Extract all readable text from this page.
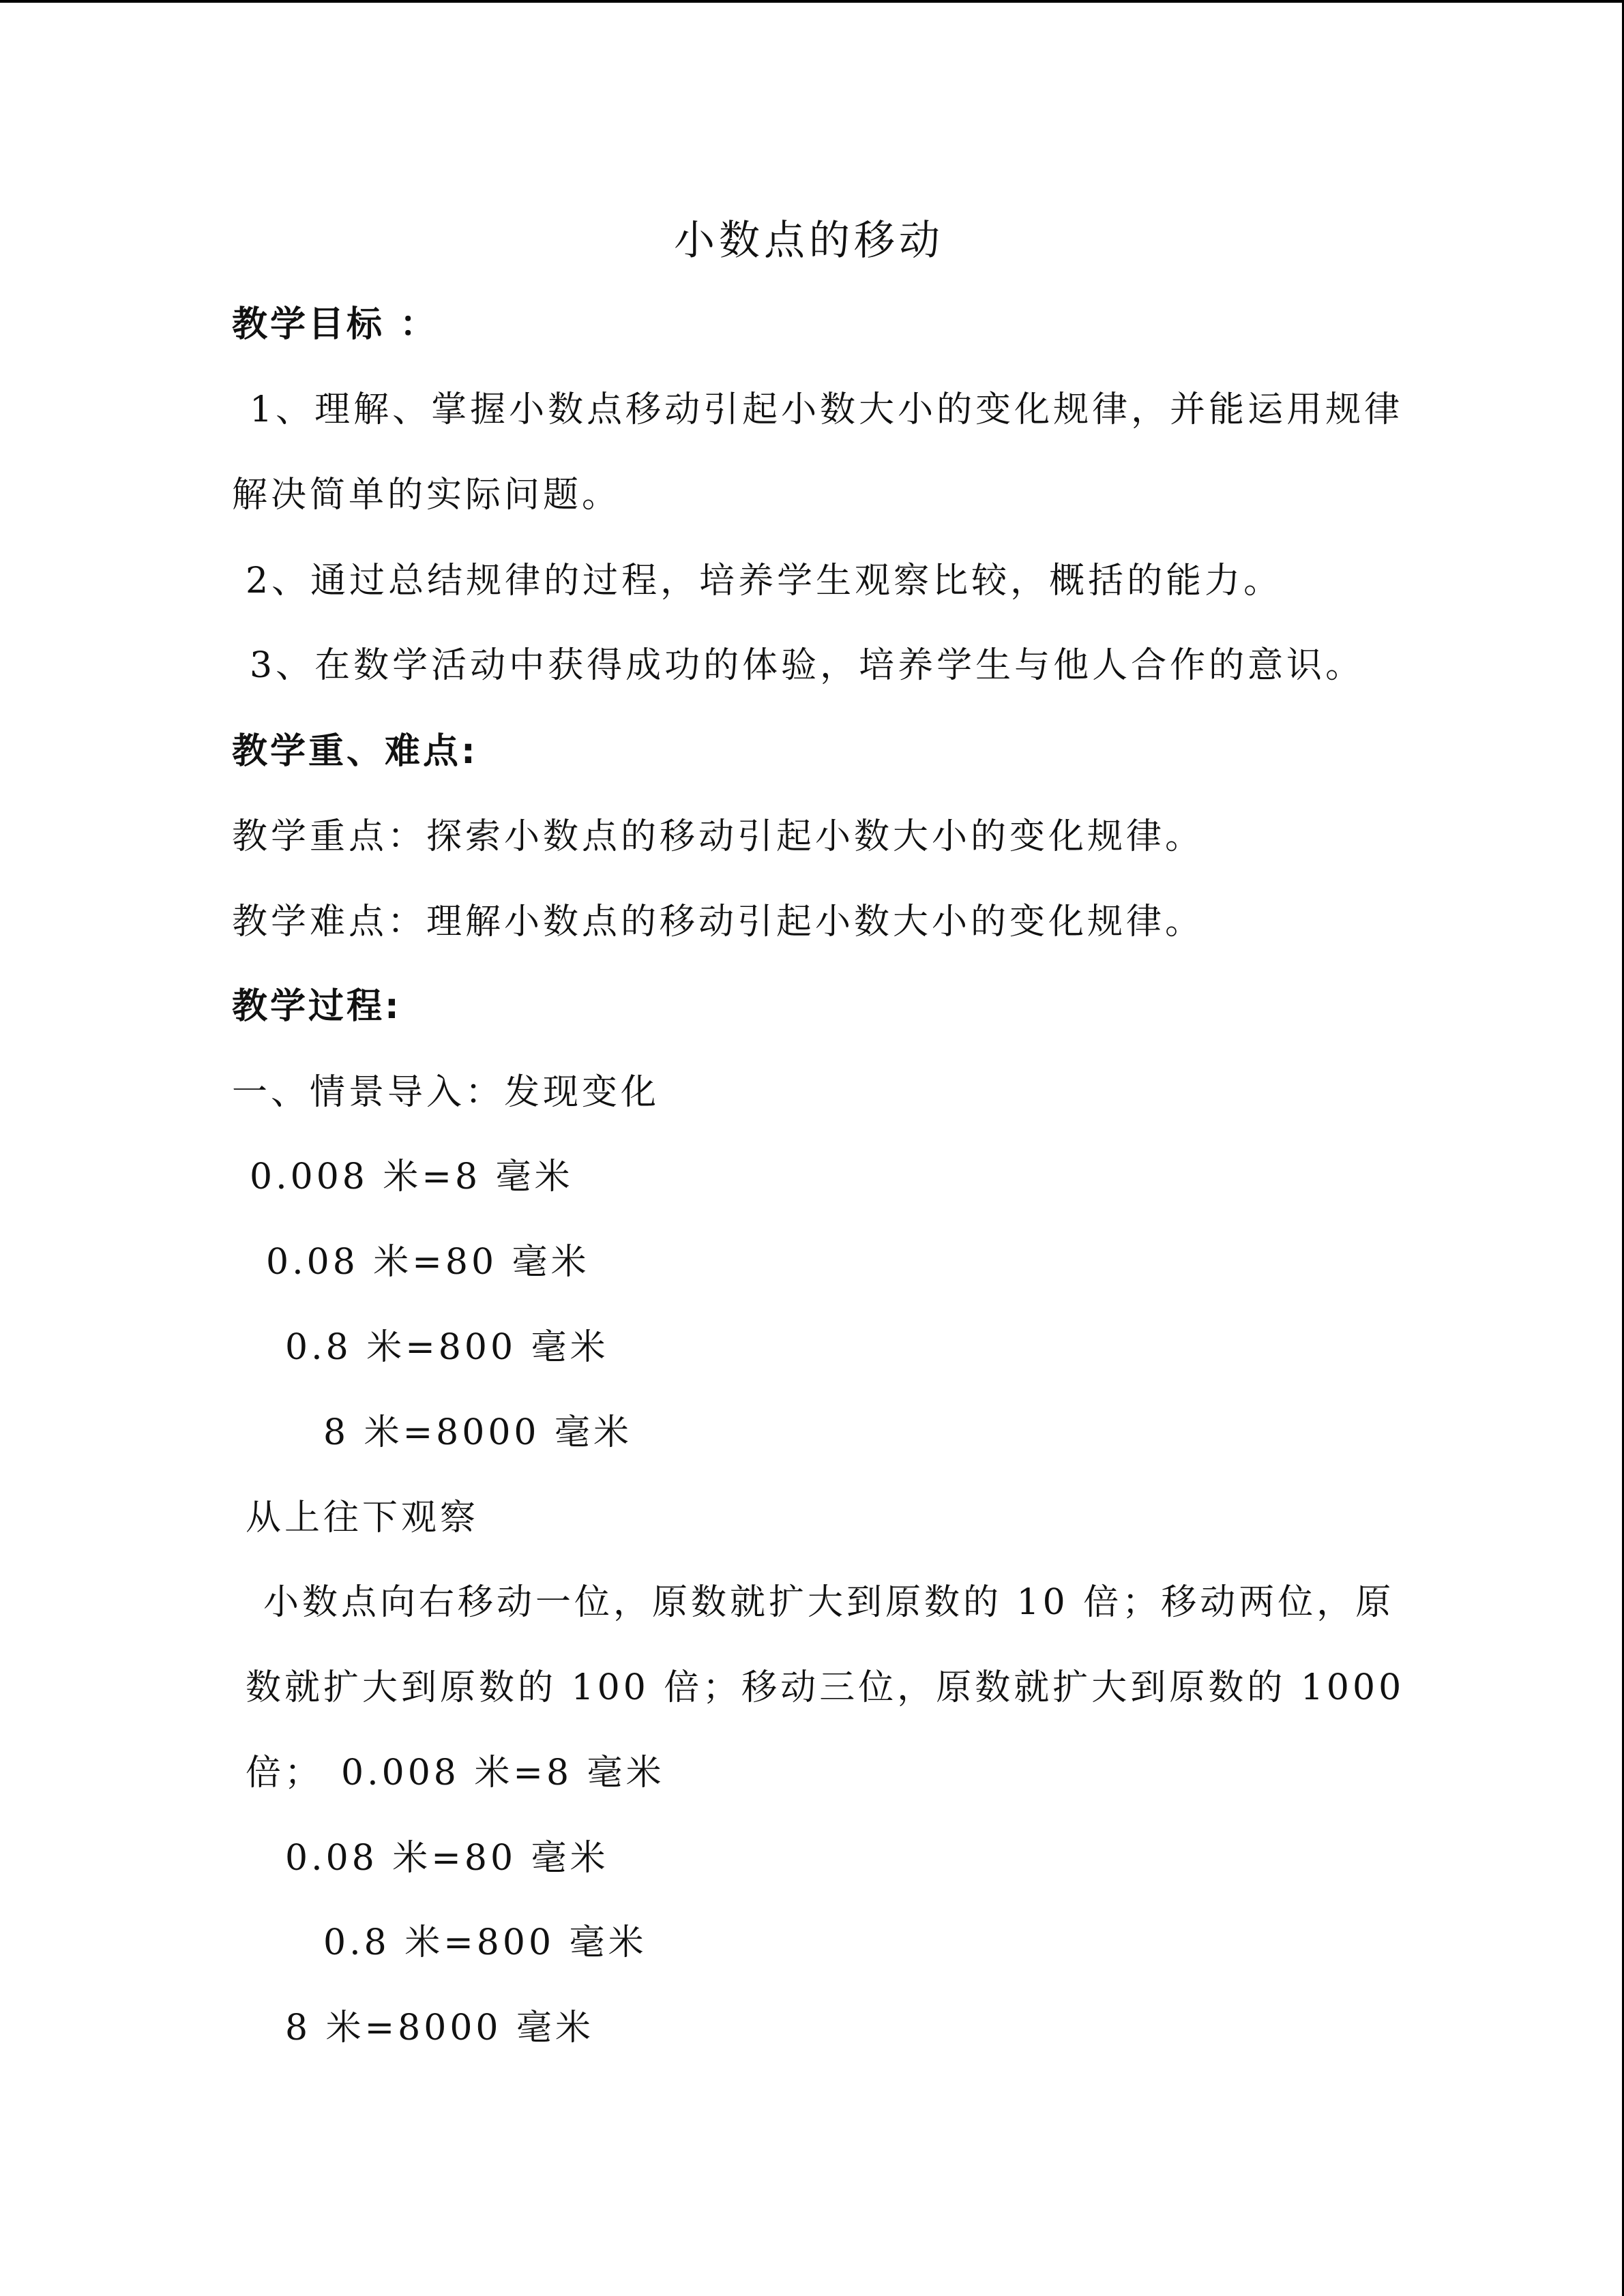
小数点的移动
教学目标 ：
1、理解、掌握小数点移动引起小数大小的变化规律，并能运用规律
解决简单的实际问题。
2、通过总结规律的过程，培养学生观察比较，概括的能力。
3、在数学活动中获得成功的体验，培养学生与他人合作的意识。
教学重、难点:
教学重点：探索小数点的移动引起小数大小的变化规律。
教学难点：理解小数点的移动引起小数大小的变化规律。
教学过程:
一、情景导入：发现变化
0.008 米=8 毫米
0.08 米=80 毫米
0.8 米=800 毫米
8 米=8000 毫米
从上往下观察
小数点向右移动一位，原数就扩大到原数的 10 倍；移动两位，原
数就扩大到原数的 100 倍；移动三位，原数就扩大到原数的 1000
倍； 0.008 米=8 毫米
0.08 米=80 毫米
0.8 米=800 毫米
8 米=8000 毫米
